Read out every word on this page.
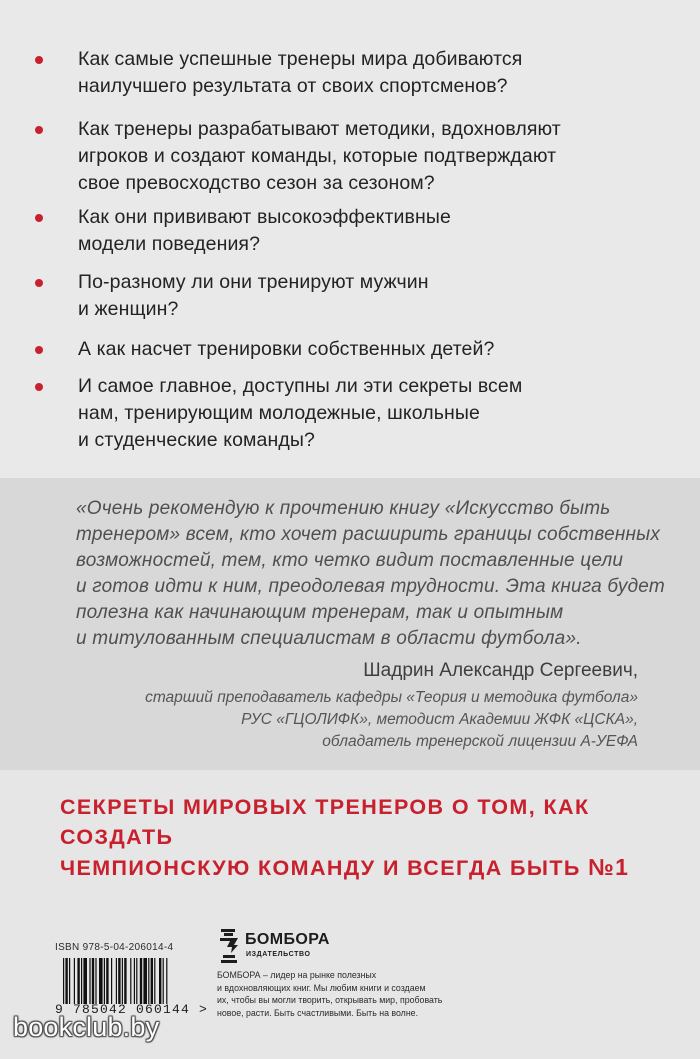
Как самые успешные тренеры мира добиваются
наилучшего результата от своих спортсменов?
Как тренеры разрабатывают методики, вдохновляют
игроков и создают команды, которые подтверждают
свое превосходство сезон за сезоном?
Как они прививают высокоэффективные
модели поведения?
По-разному ли они тренируют мужчин
и женщин?
А как насчет тренировки собственных детей?
И самое главное, доступны ли эти секреты всем
нам, тренирующим молодежные, школьные
и студенческие команды?
«Очень рекомендую к прочтению книгу «Искусство быть
тренером» всем, кто хочет расширить границы собственных
возможностей, тем, кто четко видит поставленные цели
и готов идти к ним, преодолевая трудности. Эта книга будет
полезна как начинающим тренерам, так и опытным
и титулованным специалистам в области футбола».
Шадрин Александр Сергеевич,
старший преподаватель кафедры «Теория и методика футбола»
РУС «ГЦОЛИФК», методист Академии ЖФК «ЦСКА»,
обладатель тренерской лицензии А-УЕФА
СЕКРЕТЫ МИРОВЫХ ТРЕНЕРОВ О ТОМ, КАК СОЗДАТЬ
ЧЕМПИОНСКУЮ КОМАНДУ И ВСЕГДА БЫТЬ №1
ISBN 978-5-04-206014-4
9 785042 060144 >
БОМБОРА
ИЗДАТЕЛЬСТВО
БОМБОРА – лидер на рынке полезных
и вдохновляющих книг. Мы любим книги и создаем
их, чтобы вы могли творить, открывать мир, пробовать
новое, расти. Быть счастливыми. Быть на волне.
bookclub.by
